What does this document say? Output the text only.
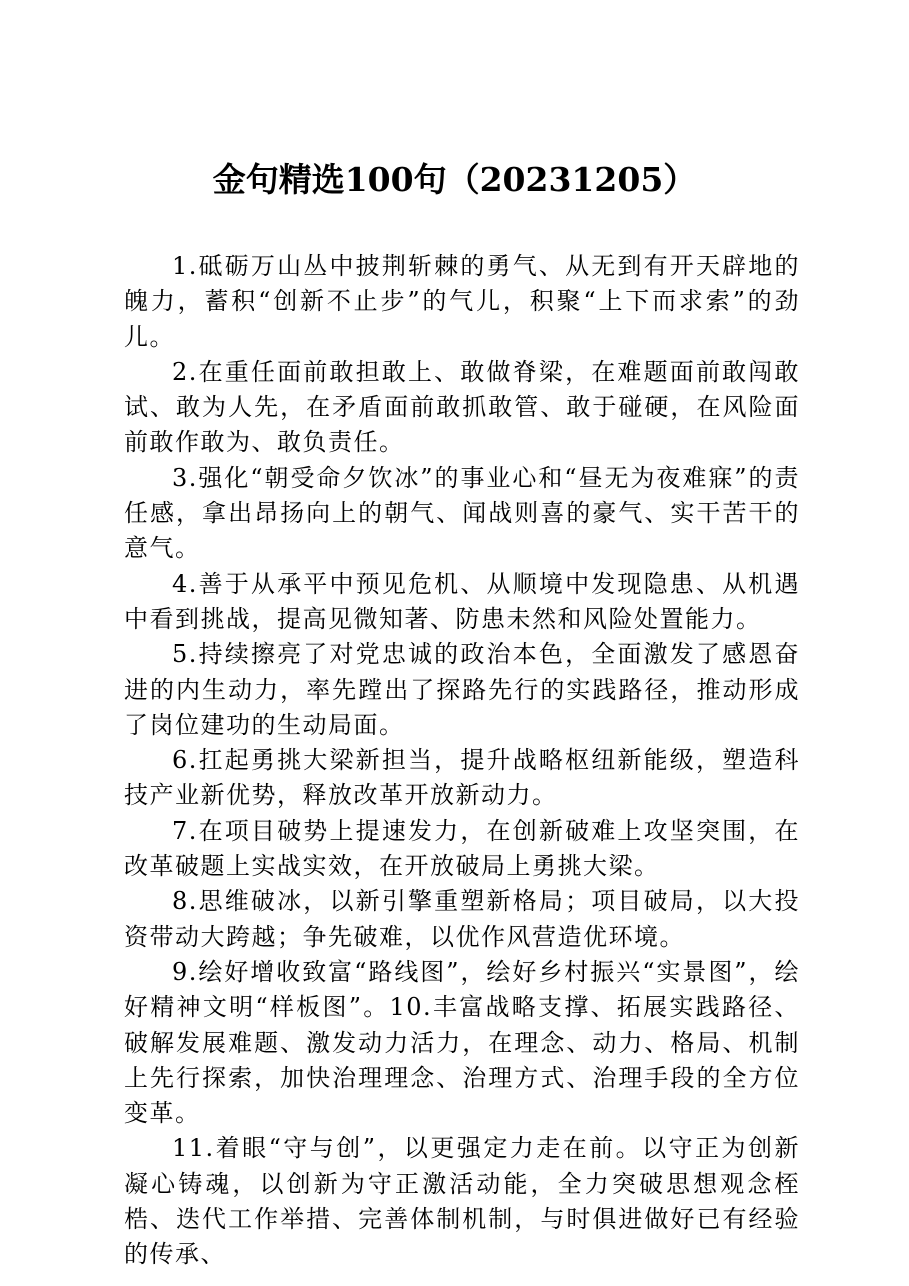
金句精选100句（20231205）

1.砥砺万山丛中披荆斩棘的勇气、从无到有开天辟地的魄力，蓄积“创新不止步”的气儿，积聚“上下而求索”的劲儿。

2.在重任面前敢担敢上、敢做脊梁，在难题面前敢闯敢试、敢为人先，在矛盾面前敢抓敢管、敢于碰硬，在风险面前敢作敢为、敢负责任。

3.强化“朝受命夕饮冰”的事业心和“昼无为夜难寐”的责任感，拿出昂扬向上的朝气、闻战则喜的豪气、实干苦干的意气。

4.善于从承平中预见危机、从顺境中发现隐患、从机遇中看到挑战，提高见微知著、防患未然和风险处置能力。

5.持续擦亮了对党忠诚的政治本色，全面激发了感恩奋进的内生动力，率先蹚出了探路先行的实践路径，推动形成了岗位建功的生动局面。

6.扛起勇挑大梁新担当，提升战略枢纽新能级，塑造科技产业新优势，释放改革开放新动力。

7.在项目破势上提速发力，在创新破难上攻坚突围，在改革破题上实战实效，在开放破局上勇挑大梁。

8.思维破冰，以新引擎重塑新格局；项目破局，以大投资带动大跨越；争先破难，以优作风营造优环境。

9.绘好增收致富“路线图”，绘好乡村振兴“实景图”，绘好精神文明“样板图”。10.丰富战略支撑、拓展实践路径、破解发展难题、激发动力活力，在理念、动力、格局、机制上先行探索，加快治理理念、治理方式、治理手段的全方位变革。

11.着眼“守与创”，以更强定力走在前。以守正为创新凝心铸魂，以创新为守正激活动能，全力突破思想观念桎梏、迭代工作举措、完善体制机制，与时俱进做好已有经验的传承、
